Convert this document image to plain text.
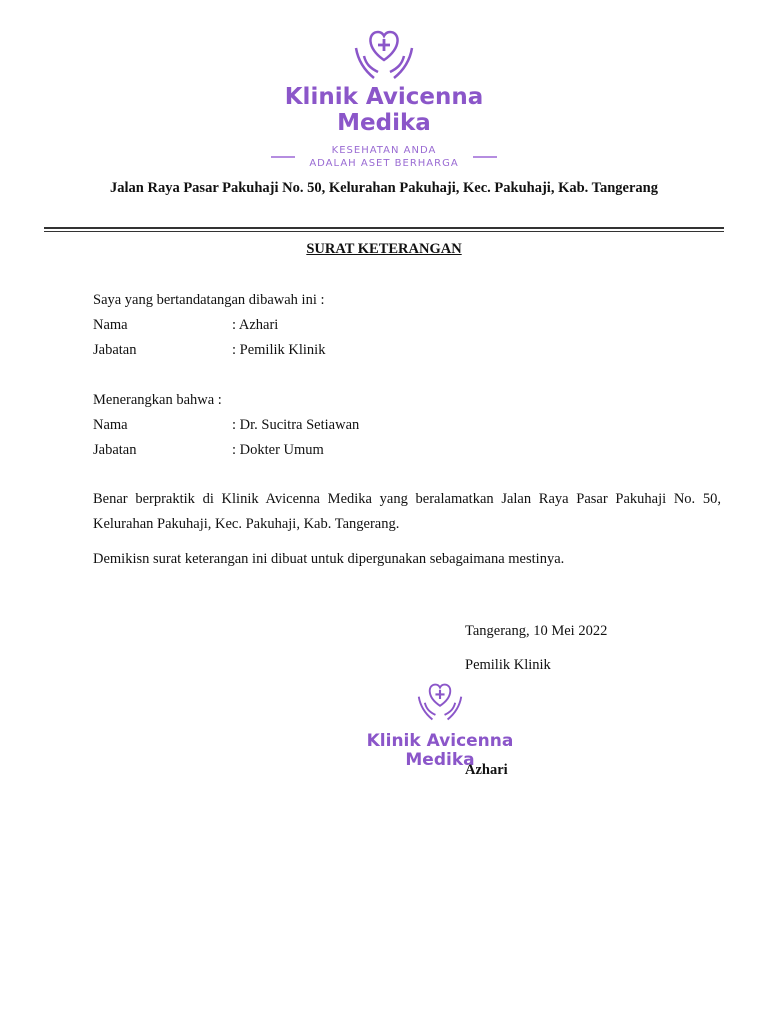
Klinik Avicenna
Medika
KESEHATAN ANDA
ADALAH ASET BERHARGA
Jalan Raya Pasar Pakuhaji No. 50, Kelurahan Pakuhaji, Kec. Pakuhaji, Kab. Tangerang
SURAT KETERANGAN
Saya yang bertandatangan dibawah ini :
Nama	: Azhari
Jabatan	: Pemilik Klinik
Menerangkan bahwa :
Nama	: Dr. Sucitra Setiawan
Jabatan	: Dokter Umum
Benar berpraktik di Klinik Avicenna Medika yang beralamatkan Jalan Raya Pasar Pakuhaji No. 50, Kelurahan Pakuhaji, Kec. Pakuhaji, Kab. Tangerang.
Demikisn surat keterangan ini dibuat untuk dipergunakan sebagaimana mestinya.
Tangerang, 10 Mei 2022
Pemilik Klinik
Klinik Avicenna
Medika
Azhari
